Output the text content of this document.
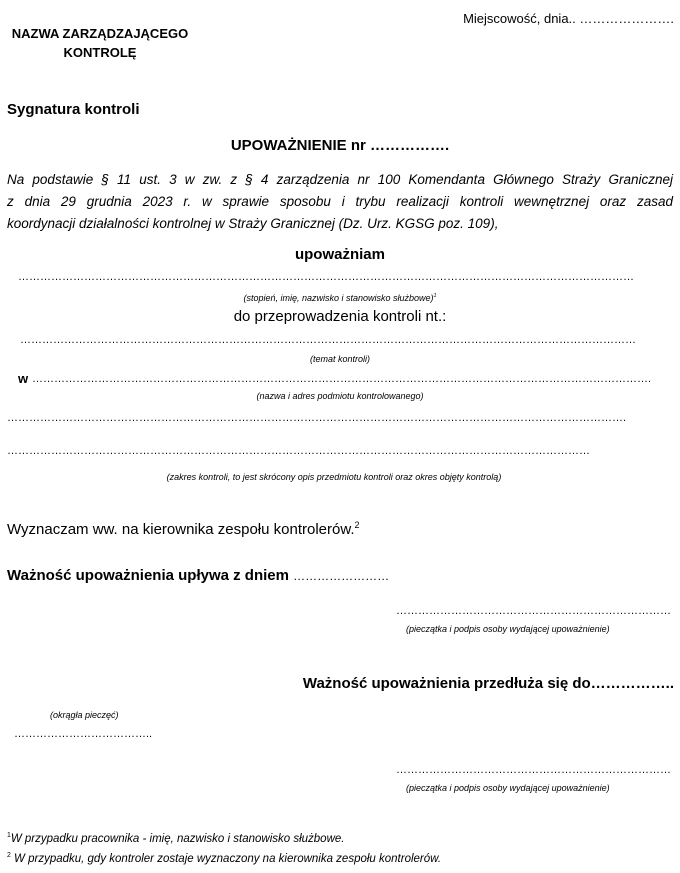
NAZWA ZARZĄDZAJĄCEGO
KONTROLĘ
Miejscowość, dnia.. ………………….
Sygnatura kontroli
UPOWAŻNIENIE nr …………….
Na podstawie § 11 ust. 3 w zw. z § 4 zarządzenia nr 100 Komendanta Głównego Straży Granicznej
z dnia 29 grudnia 2023 r. w sprawie sposobu i trybu realizacji kontroli wewnętrznej oraz zasad
koordynacji działalności kontrolnej w Straży Granicznej (Dz. Urz. KGSG poz. 109),
upoważniam
……………………………………………………………………………………………………………………………………………………
(stopień, imię, nazwisko i stanowisko służbowe)$^1$
do przeprowadzenia kontroli nt.:
……………………………………………………………………………………………………………………………………………………
(temat kontroli)
w …………………………………………………………………………………………………………………………………………………….
(nazwa i adres podmiotu kontrolowanego)
…………………………………………………………………………………………………………………………………………………….
……………………………………………………………………………………………………………………………………………
(zakres kontroli, to jest skrócony opis przedmiotu kontroli oraz okres objęty kontrolą)
Wyznaczam ww. na kierownika zespołu kontrolerów.$^2$
Ważność upoważnienia upływa z dniem ……………………
…………………………………………………………………
(pieczątka i podpis osoby wydającej upoważnienie)
Ważność upoważnienia przedłuża się do……………..
(okrągła pieczęć)
………………………………..
…………………………………………………………………
(pieczątka i podpis osoby wydającej upoważnienie)
$^1$W przypadku pracownika - imię, nazwisko i stanowisko służbowe.
$^2$ W przypadku, gdy kontroler zostaje wyznaczony na kierownika zespołu kontrolerów.
